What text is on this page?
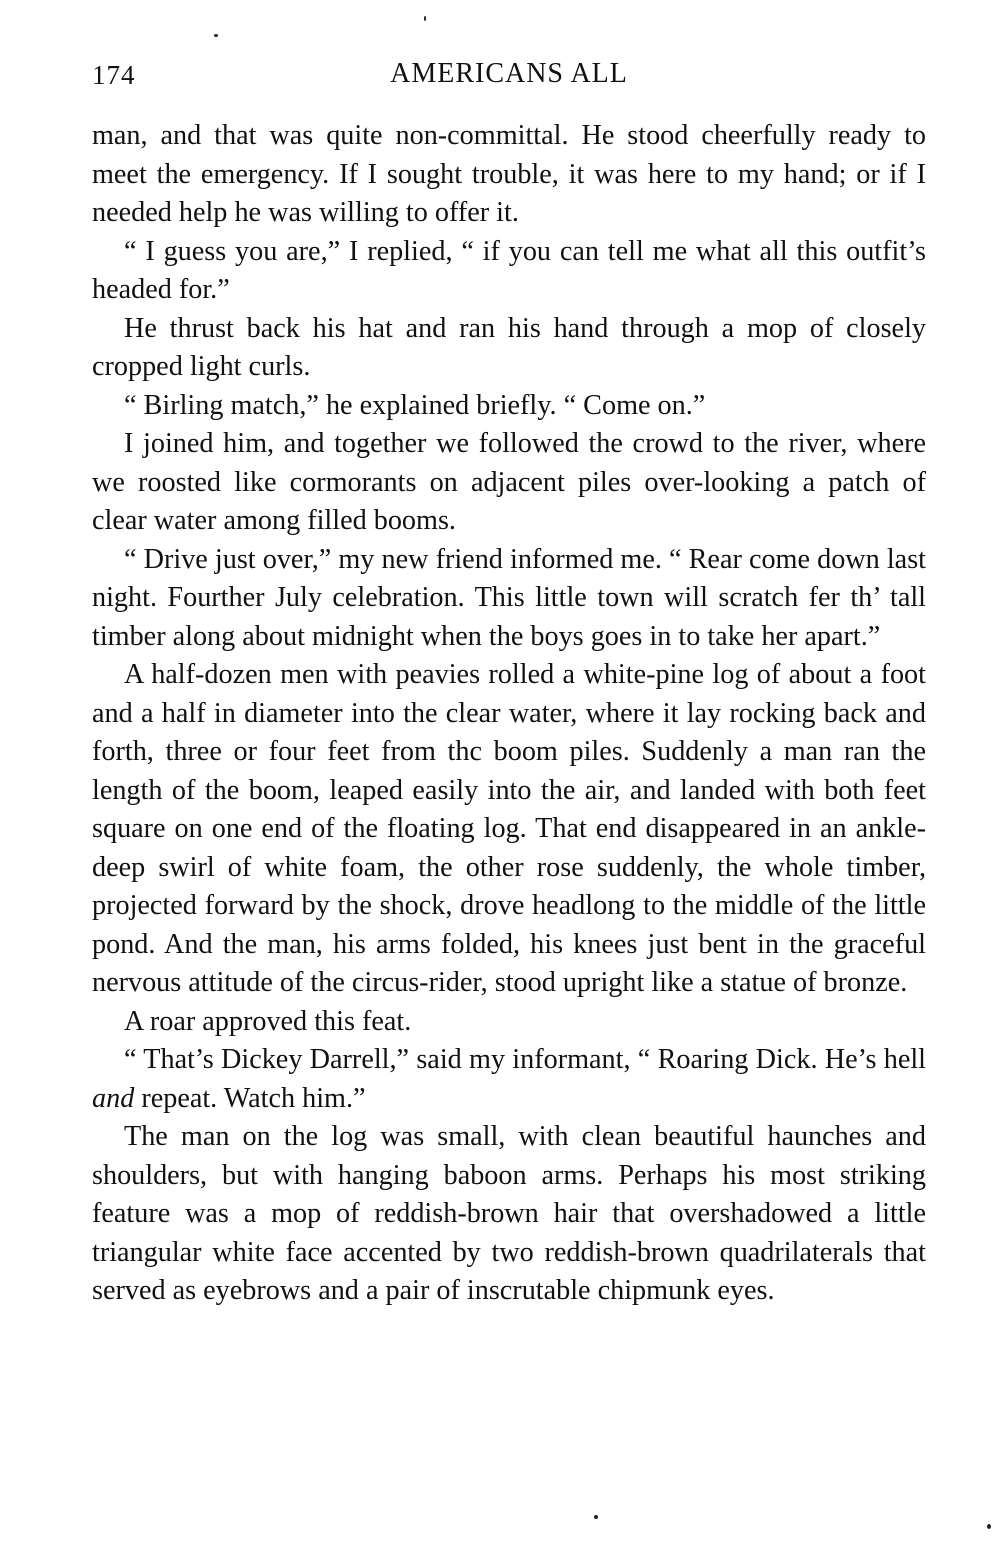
174	AMERICANS ALL

man, and that was quite non-committal. He stood cheerfully ready to meet the emergency. If I sought trouble, it was here to my hand; or if I needed help he was willing to offer it.

“ I guess you are,” I replied, “ if you can tell me what all this outfit’s headed for.”

He thrust back his hat and ran his hand through a mop of closely cropped light curls.

“ Birling match,” he explained briefly. “ Come on.”

I joined him, and together we followed the crowd to the river, where we roosted like cormorants on adjacent piles over-looking a patch of clear water among filled booms.

“ Drive just over,” my new friend informed me. “ Rear come down last night. Fourther July celebration. This little town will scratch fer th’ tall timber along about midnight when the boys goes in to take her apart.”

A half-dozen men with peavies rolled a white-pine log of about a foot and a half in diameter into the clear water, where it lay rocking back and forth, three or four feet from thc boom piles. Suddenly a man ran the length of the boom, leaped easily into the air, and landed with both feet square on one end of the floating log. That end disappeared in an ankle-deep swirl of white foam, the other rose suddenly, the whole timber, projected forward by the shock, drove headlong to the middle of the little pond. And the man, his arms folded, his knees just bent in the graceful nervous attitude of the circus-rider, stood upright like a statue of bronze.

A roar approved this feat.

“ That’s Dickey Darrell,” said my informant, “ Roaring Dick. He’s hell and repeat. Watch him.”

The man on the log was small, with clean beautiful haunches and shoulders, but with hanging baboon arms. Perhaps his most striking feature was a mop of reddish-brown hair that overshadowed a little triangular white face accented by two reddish-brown quadrilaterals that served as eyebrows and a pair of inscrutable chipmunk eyes.
